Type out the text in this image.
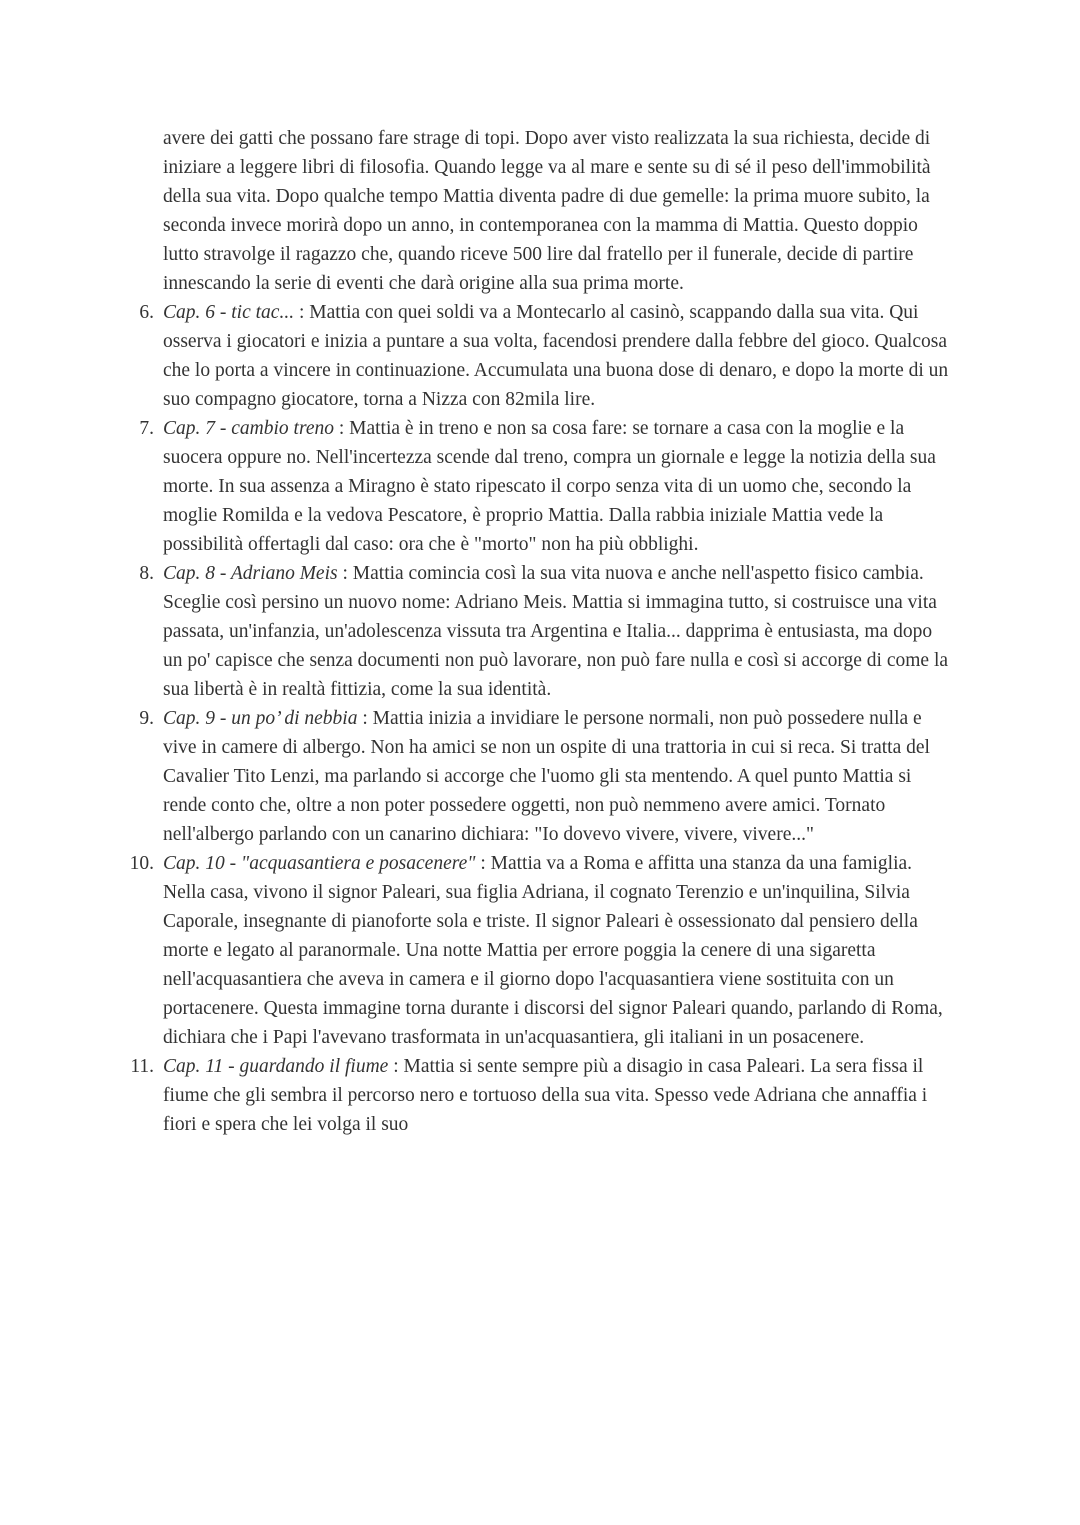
avere dei gatti che possano fare strage di topi. Dopo aver visto realizzata la sua richiesta, decide di iniziare a leggere libri di filosofia. Quando legge va al mare e sente su di sé il peso dell'immobilità della sua vita. Dopo qualche tempo Mattia diventa padre di due gemelle: la prima muore subito, la seconda invece morirà dopo un anno, in contemporanea con la mamma di Mattia. Questo doppio lutto stravolge il ragazzo che, quando riceve 500 lire dal fratello per il funerale, decide di partire innescando la serie di eventi che darà origine alla sua prima morte.

6. Cap. 6 - tic tac... : Mattia con quei soldi va a Montecarlo al casinò, scappando dalla sua vita. Qui osserva i giocatori e inizia a puntare a sua volta, facendosi prendere dalla febbre del gioco. Qualcosa che lo porta a vincere in continuazione. Accumulata una buona dose di denaro, e dopo la morte di un suo compagno giocatore, torna a Nizza con 82mila lire.

7. Cap. 7 - cambio treno : Mattia è in treno e non sa cosa fare: se tornare a casa con la moglie e la suocera oppure no. Nell'incertezza scende dal treno, compra un giornale e legge la notizia della sua morte. In sua assenza a Miragno è stato ripescato il corpo senza vita di un uomo che, secondo la moglie Romilda e la vedova Pescatore, è proprio Mattia. Dalla rabbia iniziale Mattia vede la possibilità offertagli dal caso: ora che è "morto" non ha più obblighi.

8. Cap. 8 - Adriano Meis : Mattia comincia così la sua vita nuova e anche nell'aspetto fisico cambia. Sceglie così persino un nuovo nome: Adriano Meis. Mattia si immagina tutto, si costruisce una vita passata, un'infanzia, un'adolescenza vissuta tra Argentina e Italia... dapprima è entusiasta, ma dopo un po' capisce che senza documenti non può lavorare, non può fare nulla e così si accorge di come la sua libertà è in realtà fittizia, come la sua identità.

9. Cap. 9 - un po’ di nebbia : Mattia inizia a invidiare le persone normali, non può possedere nulla e vive in camere di albergo. Non ha amici se non un ospite di una trattoria in cui si reca. Si tratta del Cavalier Tito Lenzi, ma parlando si accorge che l'uomo gli sta mentendo. A quel punto Mattia si rende conto che, oltre a non poter possedere oggetti, non può nemmeno avere amici. Tornato nell'albergo parlando con un canarino dichiara: "Io dovevo vivere, vivere, vivere..."

10. Cap. 10 - "acquasantiera e posacenere" : Mattia va a Roma e affitta una stanza da una famiglia. Nella casa, vivono il signor Paleari, sua figlia Adriana, il cognato Terenzio e un'inquilina, Silvia Caporale, insegnante di pianoforte sola e triste. Il signor Paleari è ossessionato dal pensiero della morte e legato al paranormale. Una notte Mattia per errore poggia la cenere di una sigaretta nell'acquasantiera che aveva in camera e il giorno dopo l'acquasantiera viene sostituita con un portacenere. Questa immagine torna durante i discorsi del signor Paleari quando, parlando di Roma, dichiara che i Papi l'avevano trasformata in un'acquasantiera, gli italiani in un posacenere.

11. Cap. 11 - guardando il fiume : Mattia si sente sempre più a disagio in casa Paleari. La sera fissa il fiume che gli sembra il percorso nero e tortuoso della sua vita. Spesso vede Adriana che annaffia i fiori e spera che lei volga il suo
